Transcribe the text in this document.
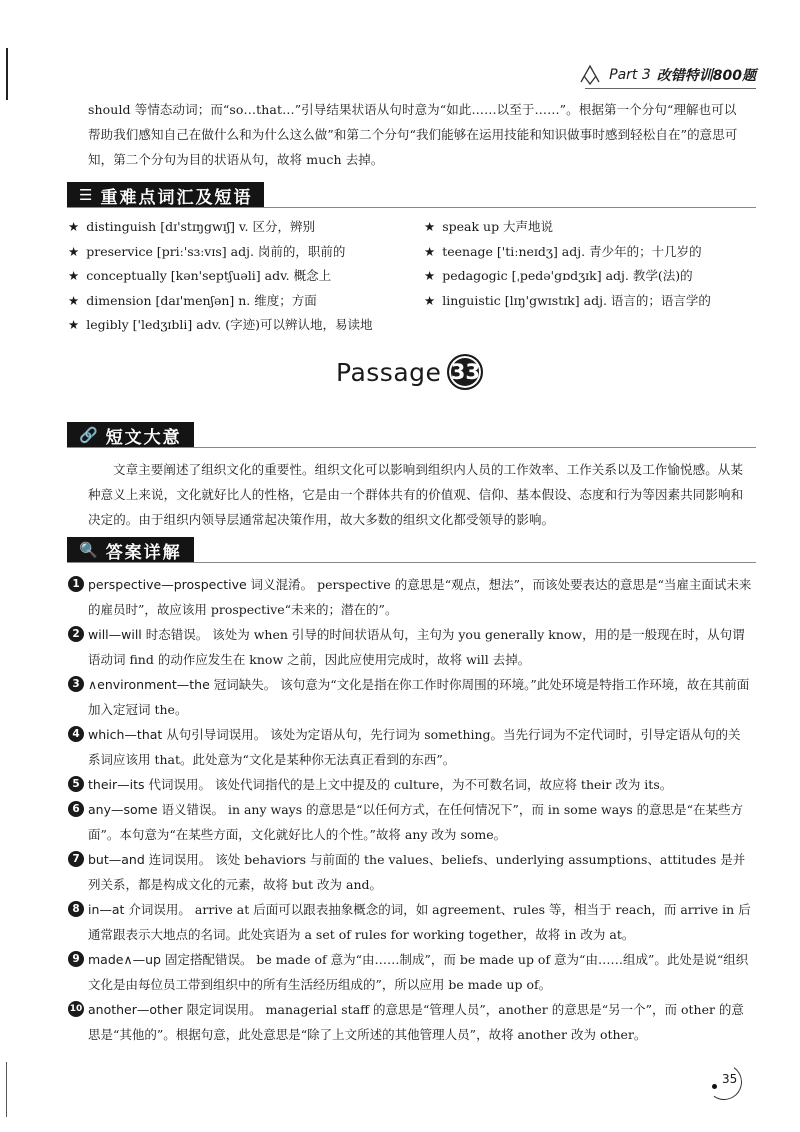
Part 3 改错特训800题
should 等情态动词；而“so…that…”引导结果状语从句时意为“如此……以至于……”。根据第一个分句“理解也可以帮助我们感知自己在做什么和为什么这么做”和第二个分句“我们能够在运用技能和知识做事时感到轻松自在”的意思可知，第二个分句为目的状语从句，故将 much 去掉。
☰ 重难点词汇及短语
★ distinguish [dɪ'stɪŋgwɪʃ] v. 区分，辨别
★ preservice [priː'sɜːvɪs] adj. 岗前的，职前的
★ conceptually [kən'septʃuəli] adv. 概念上
★ dimension [daɪ'menʃən] n. 维度；方面
★ legibly ['ledʒɪbli] adv. (字迹)可以辨认地，易读地
★ speak up 大声地说
★ teenage ['tiːneɪdʒ] adj. 青少年的；十几岁的
★ pedagogic [ˌpedə'gɒdʒɪk] adj. 教学(法)的
★ linguistic [lɪŋ'gwɪstɪk] adj. 语言的；语言学的
Passage 33
🔗 短文大意
文章主要阐述了组织文化的重要性。组织文化可以影响到组织内人员的工作效率、工作关系以及工作愉悦感。从某种意义上来说，文化就好比人的性格，它是由一个群体共有的价值观、信仰、基本假设、态度和行为等因素共同影响和决定的。由于组织内领导层通常起决策作用，故大多数的组织文化都受领导的影响。
🔍 答案详解
1 perspective—prospective 词义混淆。 perspective 的意思是“观点，想法”，而该处要表达的意思是“当雇主面试未来的雇员时”，故应该用 prospective“未来的；潜在的”。
2 will—will 时态错误。 该处为 when 引导的时间状语从句，主句为 you generally know，用的是一般现在时，从句谓语动词 find 的动作应发生在 know 之前，因此应使用完成时，故将 will 去掉。
3 ∧environment—the 冠词缺失。 该句意为“文化是指在你工作时你周围的环境。”此处环境是特指工作环境，故在其前面加入定冠词 the。
4 which—that 从句引导词误用。 该处为定语从句，先行词为 something。当先行词为不定代词时，引导定语从句的关系词应该用 that。此处意为“文化是某种你无法真正看到的东西”。
5 their—its 代词误用。 该处代词指代的是上文中提及的 culture，为不可数名词，故应将 their 改为 its。
6 any—some 语义错误。 in any ways 的意思是“以任何方式，在任何情况下”，而 in some ways 的意思是“在某些方面”。本句意为“在某些方面，文化就好比人的个性。”故将 any 改为 some。
7 but—and 连词误用。 该处 behaviors 与前面的 the values、beliefs、underlying assumptions、attitudes 是并列关系，都是构成文化的元素，故将 but 改为 and。
8 in—at 介词误用。 arrive at 后面可以跟表抽象概念的词，如 agreement、rules 等，相当于 reach，而 arrive in 后通常跟表示大地点的名词。此处宾语为 a set of rules for working together，故将 in 改为 at。
9 made∧—up 固定搭配错误。 be made of 意为“由……制成”，而 be made up of 意为“由……组成”。此处是说“组织文化是由每位员工带到组织中的所有生活经历组成的”，所以应用 be made up of。
10 another—other 限定词误用。 managerial staff 的意思是“管理人员”，another 的意思是“另一个”，而 other 的意思是“其他的”。根据句意，此处意思是“除了上文所述的其他管理人员”，故将 another 改为 other。
35
